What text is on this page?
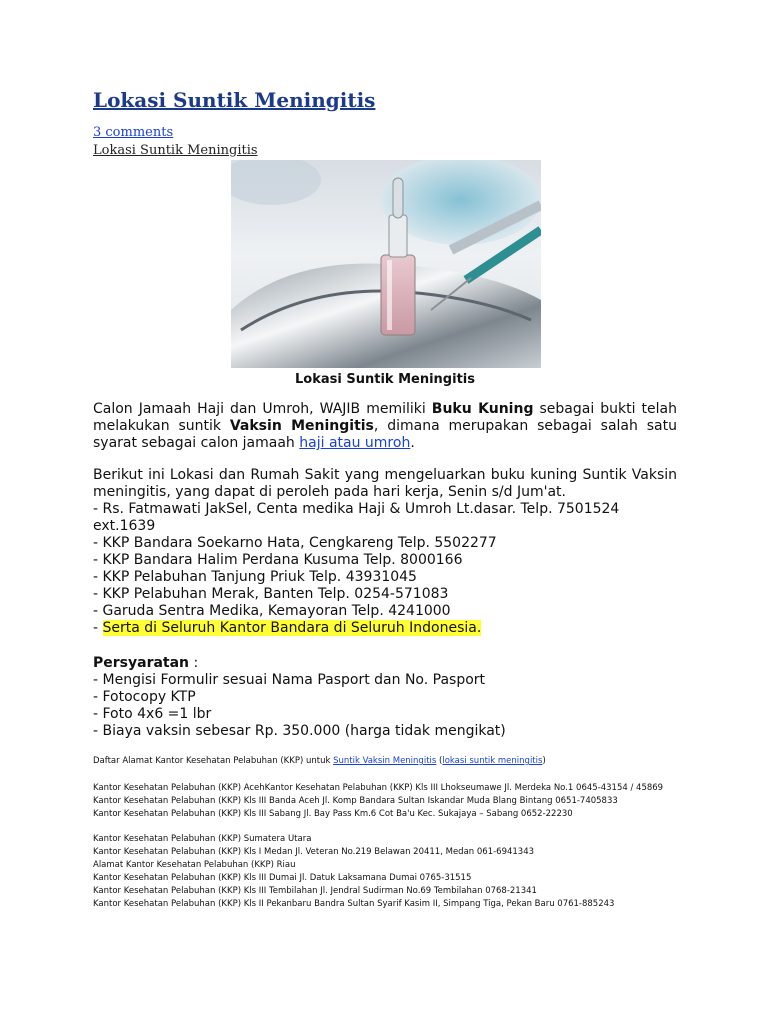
Lokasi Suntik Meningitis
3 comments
Lokasi Suntik Meningitis
Lokasi Suntik Meningitis
Calon Jamaah Haji dan Umroh, WAJIB memiliki Buku Kuning sebagai bukti telah melakukan suntik Vaksin Meningitis, dimana merupakan sebagai salah satu syarat sebagai calon jamaah haji atau umroh.
Berikut ini Lokasi dan Rumah Sakit yang mengeluarkan buku kuning Suntik Vaksin meningitis, yang dapat di peroleh pada hari kerja, Senin s/d Jum'at.
- Rs. Fatmawati JakSel, Centa medika Haji & Umroh Lt.dasar. Telp. 7501524
ext.1639
- KKP Bandara Soekarno Hata, Cengkareng Telp. 5502277
- KKP Bandara Halim Perdana Kusuma Telp. 8000166
- KKP Pelabuhan Tanjung Priuk Telp. 43931045
- KKP Pelabuhan Merak, Banten Telp. 0254-571083
- Garuda Sentra Medika, Kemayoran Telp. 4241000
- Serta di Seluruh Kantor Bandara di Seluruh Indonesia.
Persyaratan :
- Mengisi Formulir sesuai Nama Pasport dan No. Pasport
- Fotocopy KTP
- Foto 4x6 =1 lbr
- Biaya vaksin sebesar Rp. 350.000 (harga tidak mengikat)
Daftar Alamat Kantor Kesehatan Pelabuhan (KKP) untuk Suntik Vaksin Meningitis (lokasi suntik meningitis)
Kantor Kesehatan Pelabuhan (KKP) AcehKantor Kesehatan Pelabuhan (KKP) Kls III Lhokseumawe Jl. Merdeka No.1 0645-43154 / 45869
Kantor Kesehatan Pelabuhan (KKP) Kls III Banda Aceh Jl. Komp Bandara Sultan Iskandar Muda Blang Bintang 0651-7405833
Kantor Kesehatan Pelabuhan (KKP) Kls III Sabang Jl. Bay Pass Km.6 Cot Ba'u Kec. Sukajaya – Sabang 0652-22230
Kantor Kesehatan Pelabuhan (KKP) Sumatera Utara
Kantor Kesehatan Pelabuhan (KKP) Kls I Medan Jl. Veteran No.219 Belawan 20411, Medan 061-6941343
Alamat Kantor Kesehatan Pelabuhan (KKP) Riau
Kantor Kesehatan Pelabuhan (KKP) Kls III Dumai Jl. Datuk Laksamana Dumai 0765-31515
Kantor Kesehatan Pelabuhan (KKP) Kls III Tembilahan Jl. Jendral Sudirman No.69 Tembilahan 0768-21341
Kantor Kesehatan Pelabuhan (KKP) Kls II Pekanbaru Bandra Sultan Syarif Kasim II, Simpang Tiga, Pekan Baru 0761-885243
